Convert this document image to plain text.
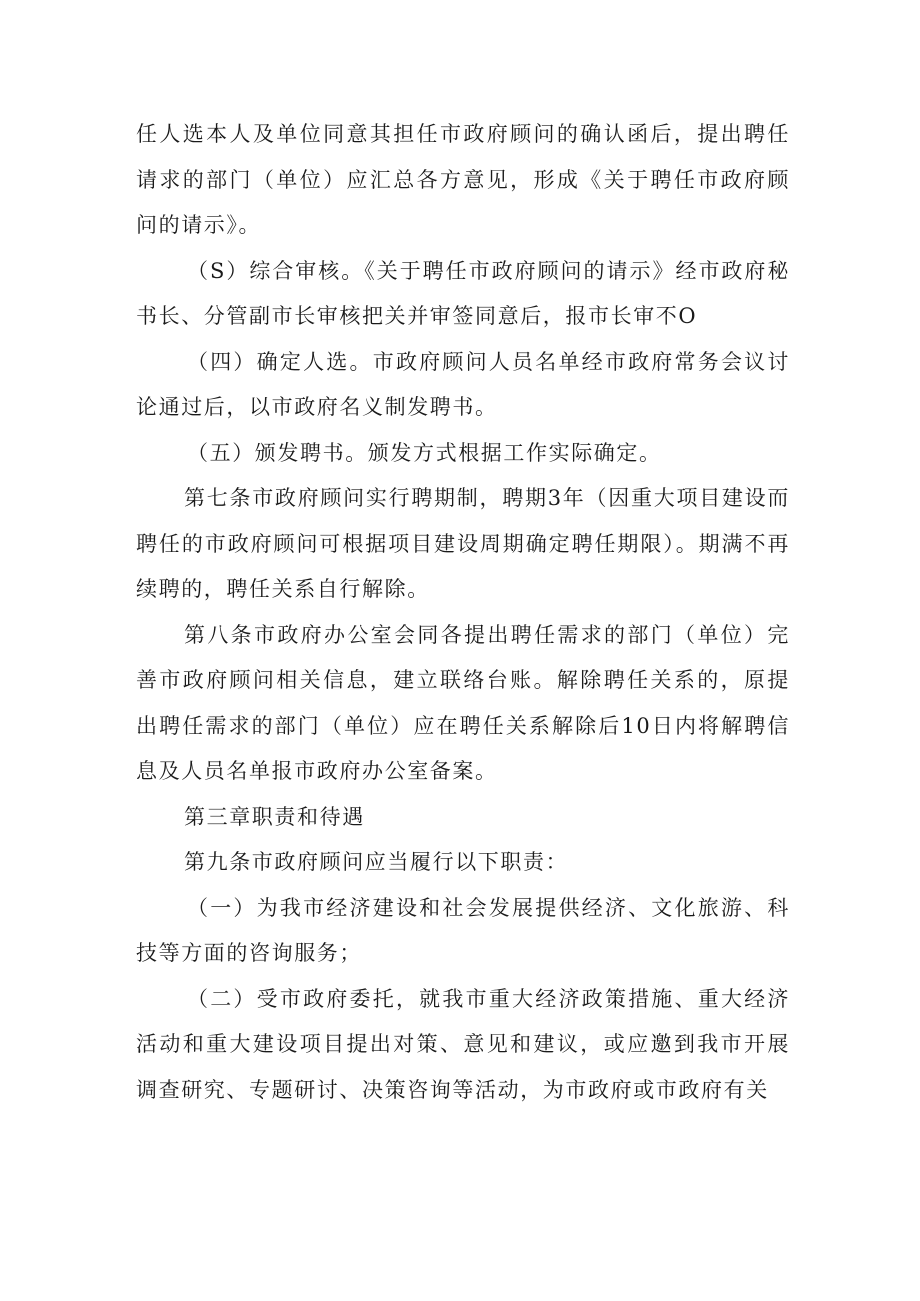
任人选本人及单位同意其担任市政府顾问的确认函后，提出聘任请求的部门（单位）应汇总各方意见，形成《关于聘任市政府顾问的请示》。

（S）综合审核。《关于聘任市政府顾问的请示》经市政府秘书长、分管副市长审核把关并审签同意后，报市长审不O

（四）确定人选。市政府顾问人员名单经市政府常务会议讨论通过后，以市政府名义制发聘书。

（五）颁发聘书。颁发方式根据工作实际确定。

第七条市政府顾问实行聘期制，聘期3年（因重大项目建设而聘任的市政府顾问可根据项目建设周期确定聘任期限）。期满不再续聘的，聘任关系自行解除。

第八条市政府办公室会同各提出聘任需求的部门（单位）完善市政府顾问相关信息，建立联络台账。解除聘任关系的，原提出聘任需求的部门（单位）应在聘任关系解除后10日内将解聘信息及人员名单报市政府办公室备案。

第三章职责和待遇

第九条市政府顾问应当履行以下职责：

（一）为我市经济建设和社会发展提供经济、文化旅游、科技等方面的咨询服务；

（二）受市政府委托，就我市重大经济政策措施、重大经济活动和重大建设项目提出对策、意见和建议，或应邀到我市开展调查研究、专题研讨、决策咨询等活动，为市政府或市政府有关
